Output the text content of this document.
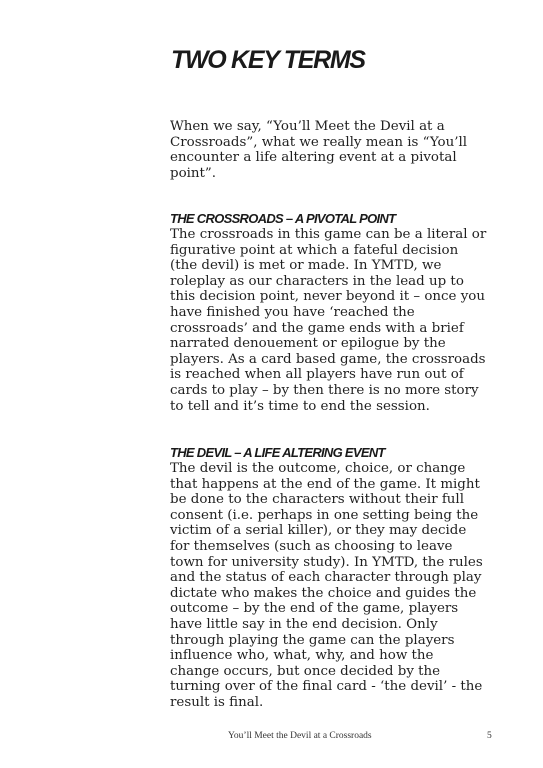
TWO KEY TERMS

When we say, “You’ll Meet the Devil at a
Crossroads”, what we really mean is “You’ll
encounter a life altering event at a pivotal
point”.

THE CROSSROADS – A PIVOTAL POINT

The crossroads in this game can be a literal or
figurative point at which a fateful decision
(the devil) is met or made. In YMTD, we
roleplay as our characters in the lead up to
this decision point, never beyond it – once you
have finished you have ‘reached the
crossroads’ and the game ends with a brief
narrated denouement or epilogue by the
players. As a card based game, the crossroads
is reached when all players have run out of
cards to play – by then there is no more story
to tell and it’s time to end the session.

THE DEVIL – A LIFE ALTERING EVENT

The devil is the outcome, choice, or change
that happens at the end of the game. It might
be done to the characters without their full
consent (i.e. perhaps in one setting being the
victim of a serial killer), or they may decide
for themselves (such as choosing to leave
town for university study). In YMTD, the rules
and the status of each character through play
dictate who makes the choice and guides the
outcome – by the end of the game, players
have little say in the end decision. Only
through playing the game can the players
influence who, what, why, and how the
change occurs, but once decided by the
turning over of the final card - ‘the devil’ - the
result is final.

You’ll Meet the Devil at a Crossroads	5
